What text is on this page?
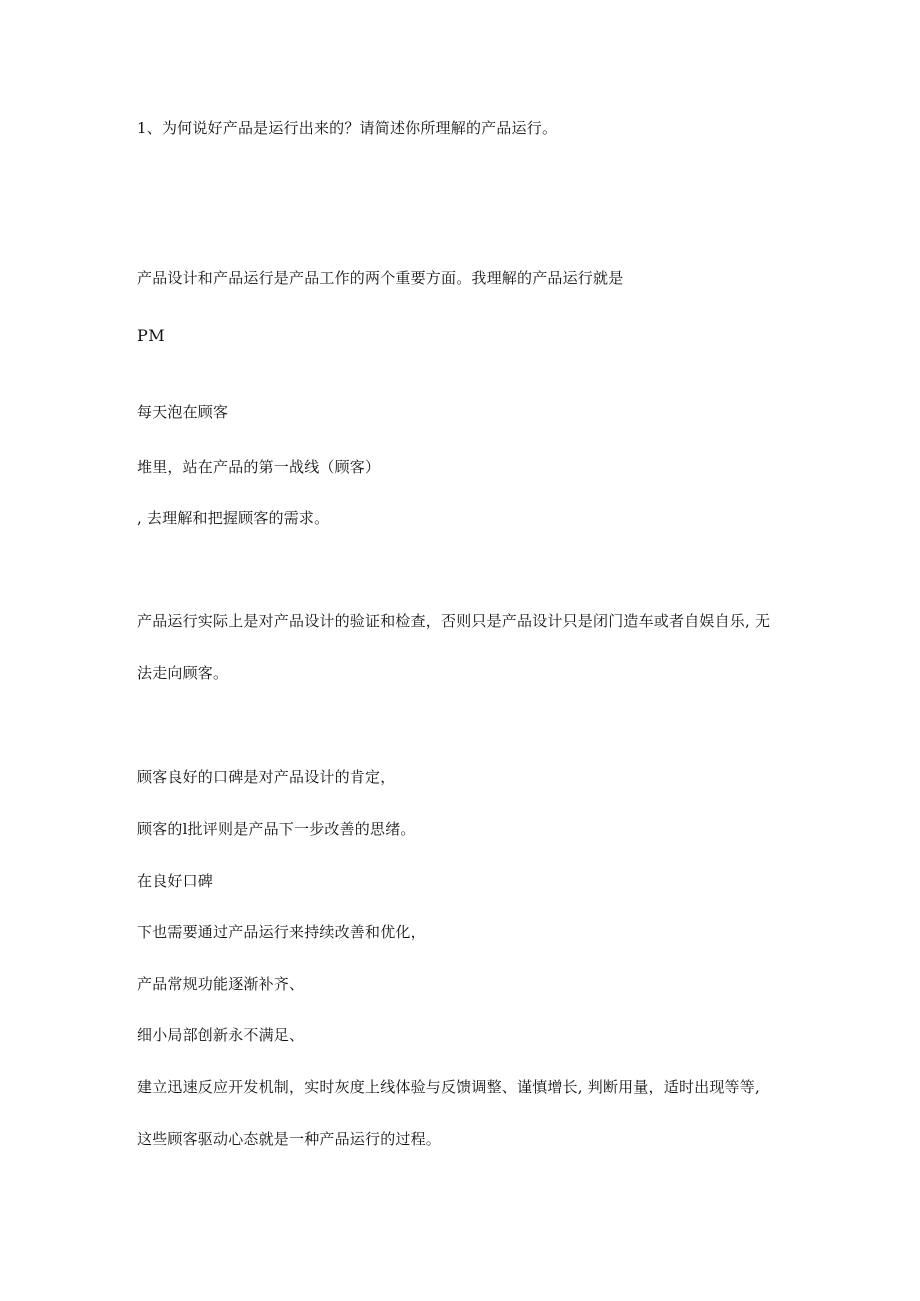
1、为何说好产品是运行出来的？请简述你所理解的产品运行。
产品设计和产品运行是产品工作的两个重要方面。我理解的产品运行就是
PM
每天泡在顾客
堆里，站在产品的第一战线（顾客）
, 去理解和把握顾客的需求。
产品运行实际上是对产品设计的验证和检查，否则只是产品设计只是闭门造车或者自娱自乐, 无
法走向顾客。
顾客良好的口碑是对产品设计的肯定，
顾客的l批评则是产品下一步改善的思绪。
在良好口碑
下也需要通过产品运行来持续改善和优化，
产品常规功能逐渐补齐、
细小局部创新永不满足、
建立迅速反应开发机制，实时灰度上线体验与反馈调整、谨慎增长, 判断用量，适时出现等等,
这些顾客驱动心态就是一种产品运行的过程。
